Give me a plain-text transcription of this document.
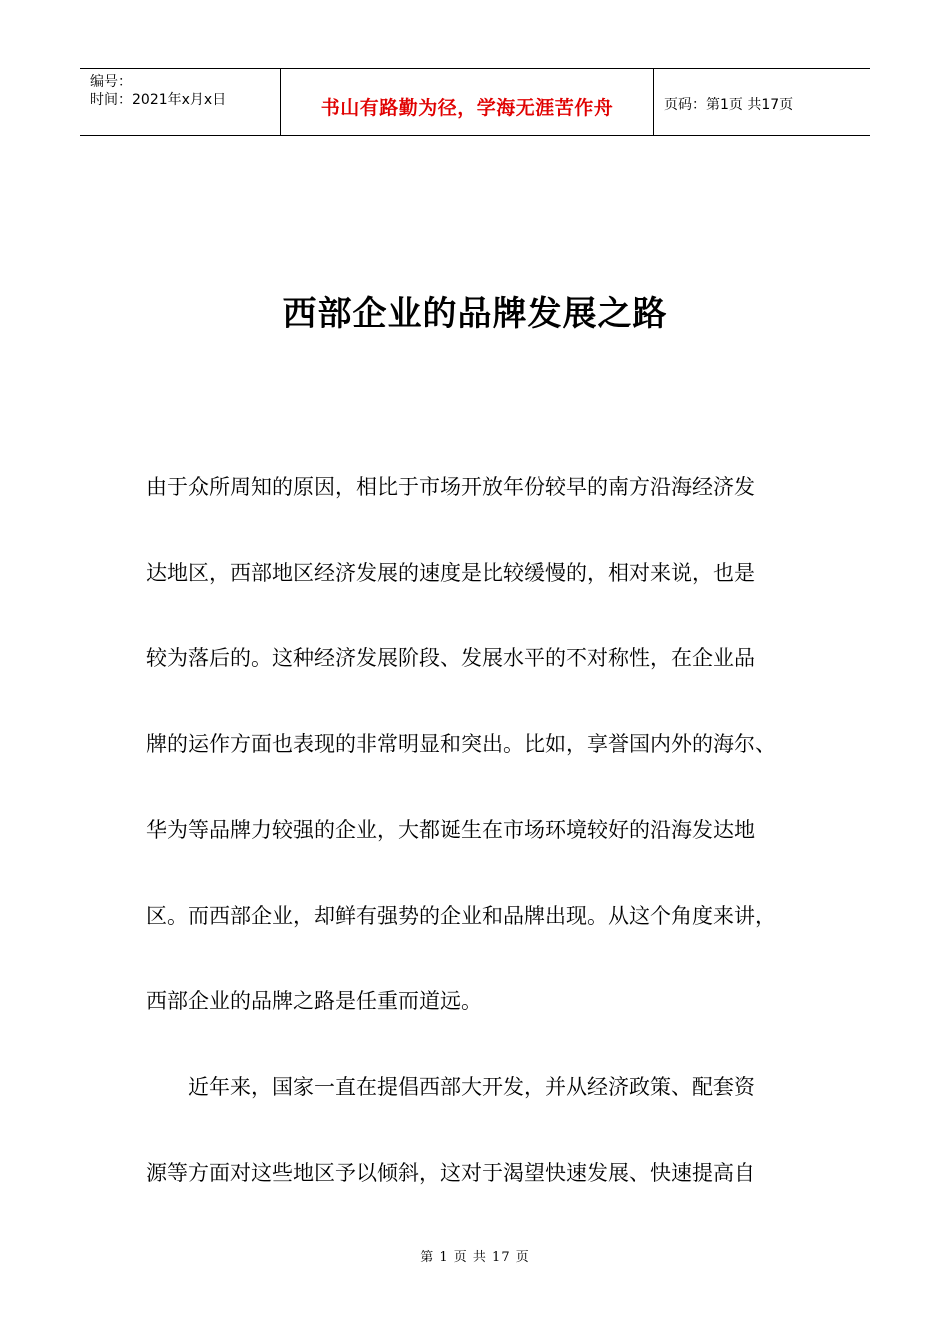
编号：
时间：2021年x月x日	书山有路勤为径，学海无涯苦作舟	页码：第1页 共17页
西部企业的品牌发展之路
由于众所周知的原因，相比于市场开放年份较早的南方沿海经济发
达地区，西部地区经济发展的速度是比较缓慢的，相对来说，也是
较为落后的。这种经济发展阶段、发展水平的不对称性，在企业品
牌的运作方面也表现的非常明显和突出。比如，享誉国内外的海尔、
华为等品牌力较强的企业，大都诞生在市场环境较好的沿海发达地
区。而西部企业，却鲜有强势的企业和品牌出现。从这个角度来讲，
西部企业的品牌之路是任重而道远。
近年来，国家一直在提倡西部大开发，并从经济政策、配套资
源等方面对这些地区予以倾斜，这对于渴望快速发展、快速提高自
第 1 页 共 17 页
